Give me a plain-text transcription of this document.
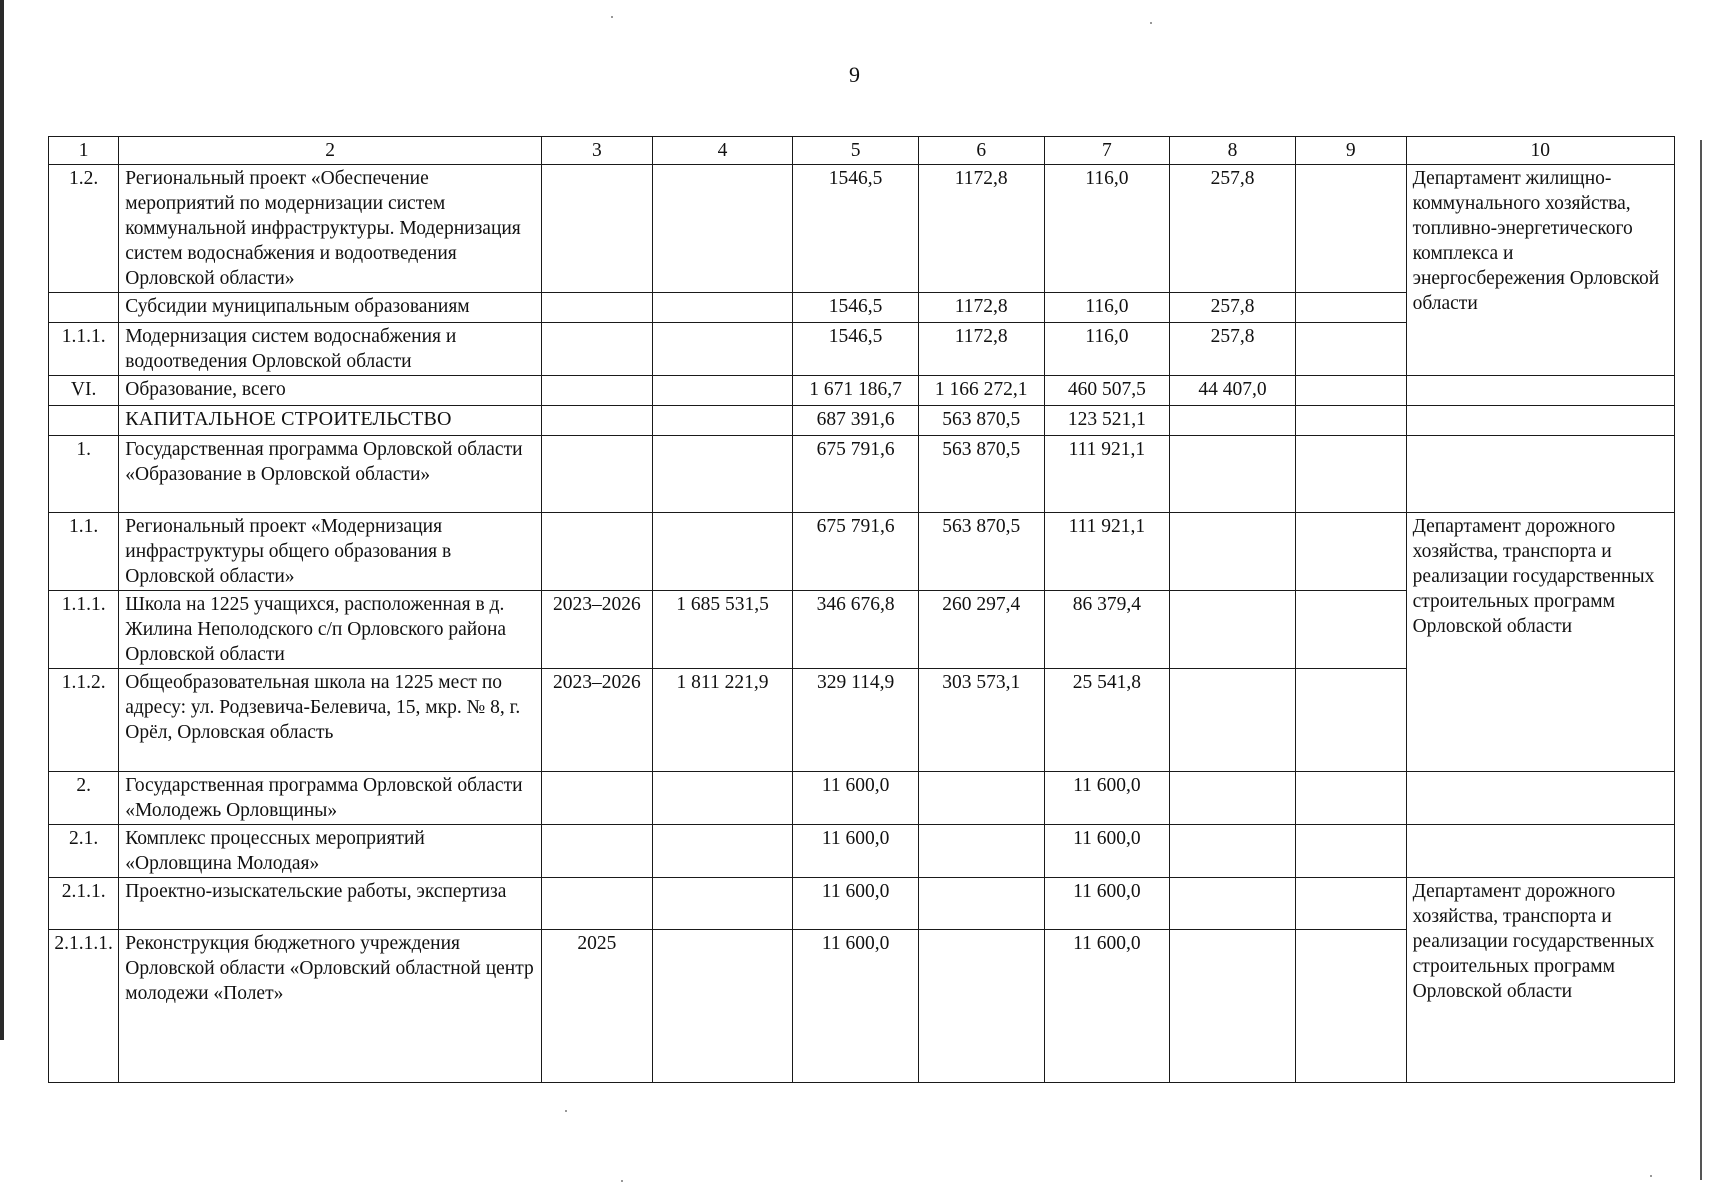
9
1	2	3	4	5	6	7	8	9	10
1.2.	Региональный проект «Обеспечение мероприятий по модернизации систем коммунальной инфраструктуры. Модернизация систем водоснабжения и водоотведения Орловской области»			1546,5	1172,8	116,0	257,8		Департамент жилищно-коммунального хозяйства, топливно-энергетического комплекса и энергосбережения Орловской области
	Субсидии муниципальным образованиям			1546,5	1172,8	116,0	257,8		
1.1.1.	Модернизация систем водоснабжения и водоотведения Орловской области			1546,5	1172,8	116,0	257,8		
VI.	Образование, всего			1 671 186,7	1 166 272,1	460 507,5	44 407,0		
	КАПИТАЛЬНОЕ СТРОИТЕЛЬСТВО			687 391,6	563 870,5	123 521,1			
1.	Государственная программа Орловской области «Образование в Орловской области»			675 791,6	563 870,5	111 921,1			
1.1.	Региональный проект «Модернизация инфраструктуры общего образования в Орловской области»			675 791,6	563 870,5	111 921,1			Департамент дорожного хозяйства, транспорта и реализации государственных строительных программ Орловской области
1.1.1.	Школа на 1225 учащихся, расположенная в д. Жилина Неполодского с/п Орловского района Орловской области	2023–2026	1 685 531,5	346 676,8	260 297,4	86 379,4			
1.1.2.	Общеобразовательная школа на 1225 мест по адресу: ул. Родзевича-Белевича, 15, мкр. № 8, г. Орёл, Орловская область	2023–2026	1 811 221,9	329 114,9	303 573,1	25 541,8			
2.	Государственная программа Орловской области «Молодежь Орловщины»			11 600,0		11 600,0			
2.1.	Комплекс процессных мероприятий «Орловщина Молодая»			11 600,0		11 600,0			
2.1.1.	Проектно-изыскательские работы, экспертиза			11 600,0		11 600,0			Департамент дорожного хозяйства, транспорта и реализации государственных строительных программ Орловской области
2.1.1.1.	Реконструкция бюджетного учреждения Орловской области «Орловский областной центр молодежи «Полет»	2025		11 600,0		11 600,0			
